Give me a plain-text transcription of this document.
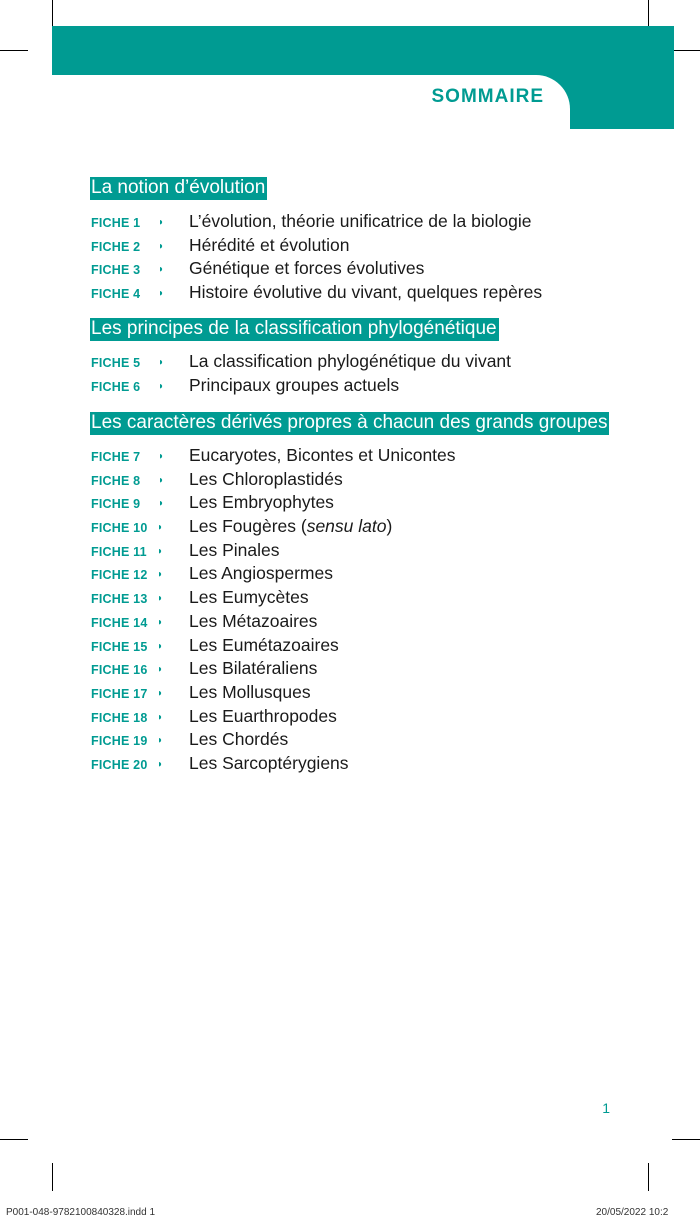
SOMMAIRE
La notion d’évolution
FICHE 1 ◗ L’évolution, théorie unificatrice de la biologie
FICHE 2 ◗ Hérédité et évolution
FICHE 3 ◗ Génétique et forces évolutives
FICHE 4 ◗ Histoire évolutive du vivant, quelques repères
Les principes de la classification phylogénétique
FICHE 5 ◗ La classification phylogénétique du vivant
FICHE 6 ◗ Principaux groupes actuels
Les caractères dérivés propres à chacun des grands groupes
FICHE 7 ◗ Eucaryotes, Bicontes et Unicontes
FICHE 8 ◗ Les Chloroplastidés
FICHE 9 ◗ Les Embryophytes
FICHE 10 ◗ Les Fougères (sensu lato)
FICHE 11 ◗ Les Pinales
FICHE 12 ◗ Les Angiospermes
FICHE 13 ◗ Les Eumycètes
FICHE 14 ◗ Les Métazoaires
FICHE 15 ◗ Les Eumétazoaires
FICHE 16 ◗ Les Bilatéraliens
FICHE 17 ◗ Les Mollusques
FICHE 18 ◗ Les Euarthropodes
FICHE 19 ◗ Les Chordés
FICHE 20 ◗ Les Sarcoptérygiens
1
P001-048-9782100840328.indd 1	20/05/2022 10:2
